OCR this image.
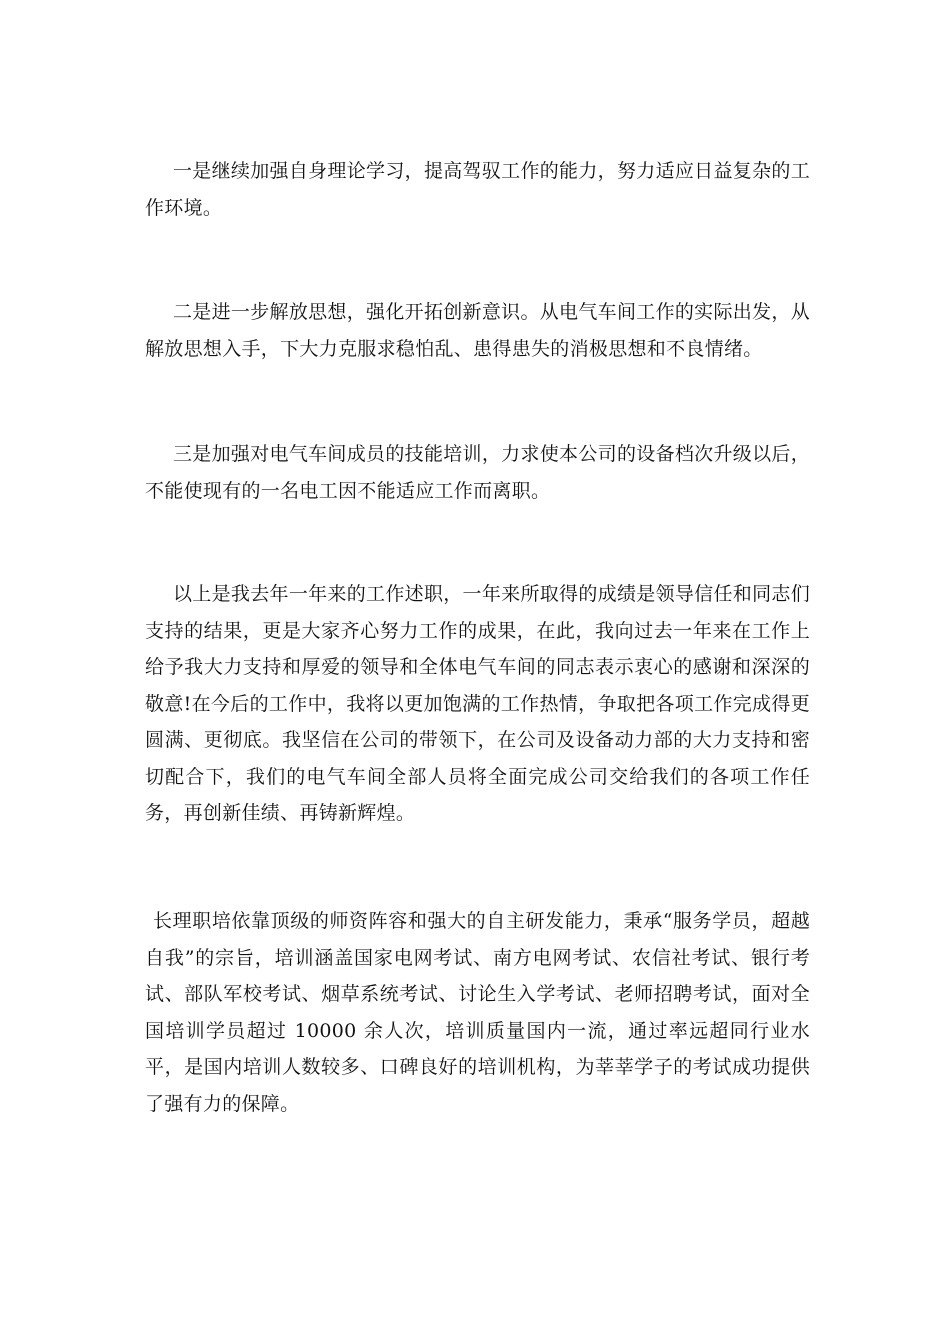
一是继续加强自身理论学习，提高驾驭工作的能力，努力适应日益复杂的工作环境。

二是进一步解放思想，强化开拓创新意识。从电气车间工作的实际出发，从解放思想入手，下大力克服求稳怕乱、患得患失的消极思想和不良情绪。

三是加强对电气车间成员的技能培训，力求使本公司的设备档次升级以后，不能使现有的一名电工因不能适应工作而离职。

以上是我去年一年来的工作述职，一年来所取得的成绩是领导信任和同志们支持的结果，更是大家齐心努力工作的成果，在此，我向过去一年来在工作上给予我大力支持和厚爱的领导和全体电气车间的同志表示衷心的感谢和深深的敬意!在今后的工作中，我将以更加饱满的工作热情，争取把各项工作完成得更圆满、更彻底。我坚信在公司的带领下，在公司及设备动力部的大力支持和密切配合下，我们的电气车间全部人员将全面完成公司交给我们的各项工作任务，再创新佳绩、再铸新辉煌。

长理职培依靠顶级的师资阵容和强大的自主研发能力，秉承“服务学员，超越自我”的宗旨，培训涵盖国家电网考试、南方电网考试、农信社考试、银行考试、部队军校考试、烟草系统考试、讨论生入学考试、老师招聘考试，面对全国培训学员超过 10000 余人次，培训质量国内一流，通过率远超同行业水平，是国内培训人数较多、口碑良好的培训机构，为莘莘学子的考试成功提供了强有力的保障。
